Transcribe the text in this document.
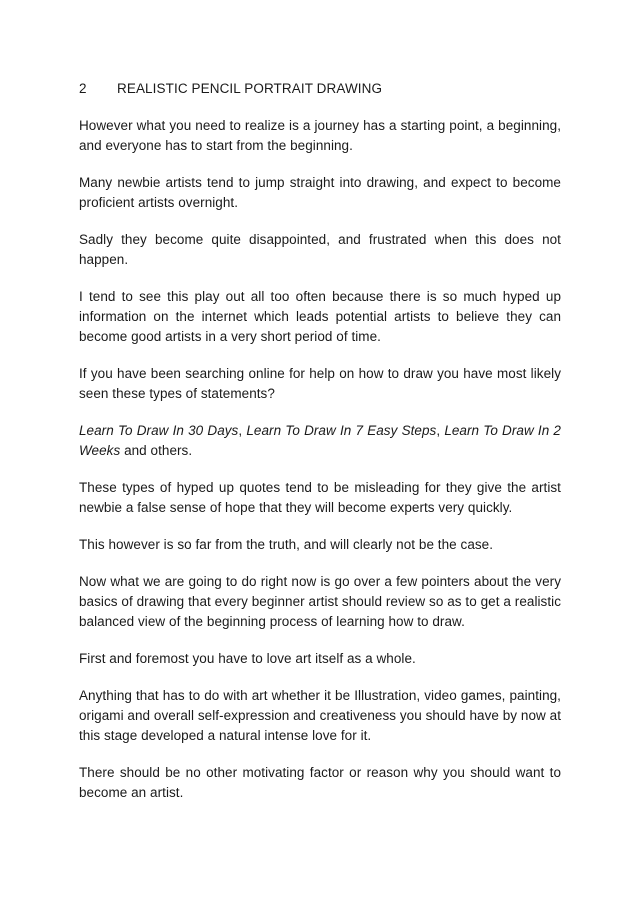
2	REALISTIC PENCIL PORTRAIT DRAWING

However what you need to realize is a journey has a starting point, a beginning, and everyone has to start from the beginning.

Many newbie artists tend to jump straight into drawing, and expect to become proficient artists overnight.

Sadly they become quite disappointed, and frustrated when this does not happen.

I tend to see this play out all too often because there is so much hyped up information on the internet which leads potential artists to believe they can become good artists in a very short period of time.

If you have been searching online for help on how to draw you have most likely seen these types of statements?

Learn To Draw In 30 Days, Learn To Draw In 7 Easy Steps, Learn To Draw In 2 Weeks and others.

These types of hyped up quotes tend to be misleading for they give the artist newbie a false sense of hope that they will become experts very quickly.

This however is so far from the truth, and will clearly not be the case.

Now what we are going to do right now is go over a few pointers about the very basics of drawing that every beginner artist should review so as to get a realistic balanced view of the beginning process of learning how to draw.

First and foremost you have to love art itself as a whole.

Anything that has to do with art whether it be Illustration, video games, painting, origami and overall self-expression and creativeness you should have by now at this stage developed a natural intense love for it.

There should be no other motivating factor or reason why you should want to become an artist.
